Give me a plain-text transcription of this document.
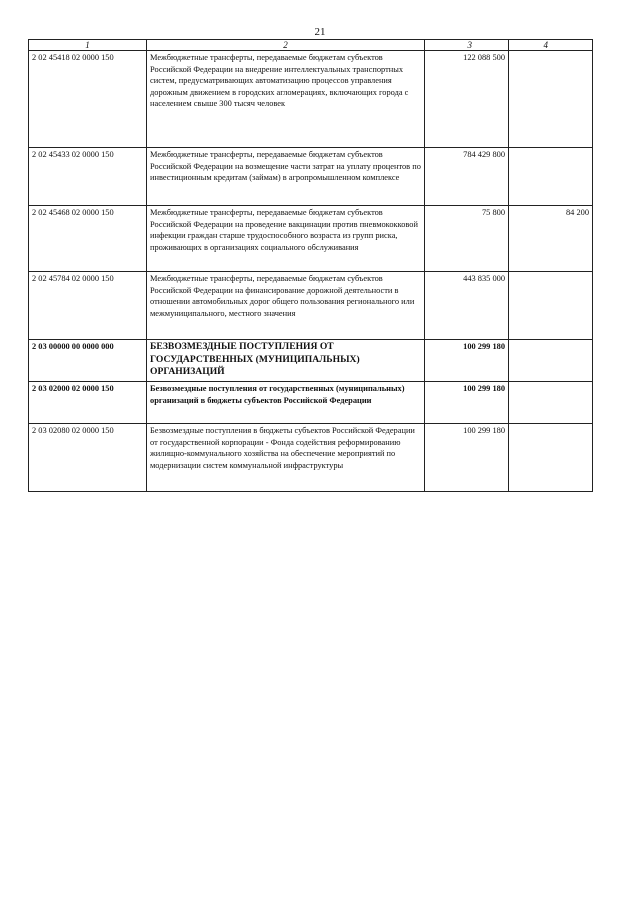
21
1	2	3	4
2 02 45418 02 0000 150	Межбюджетные трансферты, передаваемые бюджетам субъектов Российской Федерации на внедрение интеллектуальных транспортных систем, предусматривающих автоматизацию процессов управления дорожным движением в городских агломерациях, включающих города с населением свыше 300 тысяч человек	122 088 500	
2 02 45433 02 0000 150	Межбюджетные трансферты, передаваемые бюджетам субъектов Российской Федерации на возмещение части затрат на уплату процентов по инвестиционным кредитам (займам) в агропромышленном комплексе	784 429 800	
2 02 45468 02 0000 150	Межбюджетные трансферты, передаваемые бюджетам субъектов Российской Федерации на проведение вакцинации против пневмококковой инфекции граждан старше трудоспособного возраста из групп риска, проживающих в организациях социального обслуживания	75 800	84 200
2 02 45784 02 0000 150	Межбюджетные трансферты, передаваемые бюджетам субъектов Российской Федерации на финансирование дорожной деятельности в отношении автомобильных дорог общего пользования регионального или межмуниципального, местного значения	443 835 000	
2 03 00000 00 0000 000	БЕЗВОЗМЕЗДНЫЕ ПОСТУПЛЕНИЯ ОТ ГОСУДАРСТВЕННЫХ (МУНИЦИПАЛЬНЫХ) ОРГАНИЗАЦИЙ	100 299 180	
2 03 02000 02 0000 150	Безвозмездные поступления от государственных (муниципальных) организаций в бюджеты субъектов Российской Федерации	100 299 180	
2 03 02080 02 0000 150	Безвозмездные поступления в бюджеты субъектов Российской Федерации от государственной корпорации - Фонда содействия реформированию жилищно-коммунального хозяйства на обеспечение мероприятий по модернизации систем коммунальной инфраструктуры	100 299 180	
